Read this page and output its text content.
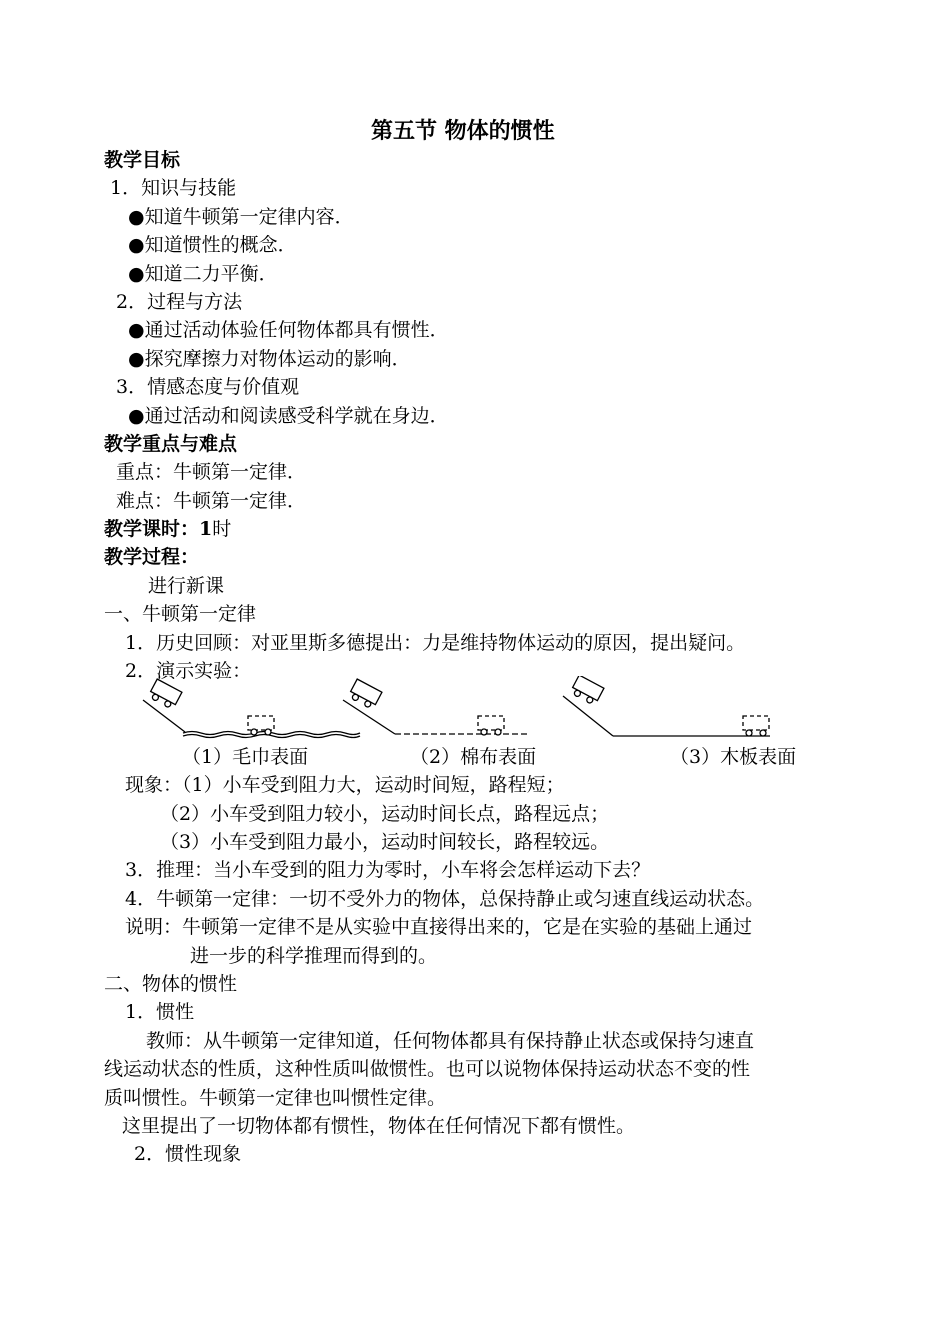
第五节 物体的惯性
教学目标
1．知识与技能
●知道牛顿第一定律内容．
●知道惯性的概念．
●知道二力平衡．
2．过程与方法
●通过活动体验任何物体都具有惯性．
●探究摩擦力对物体运动的影响．
3．情感态度与价值观
●通过活动和阅读感受科学就在身边．
教学重点与难点
重点：牛顿第一定律．
难点：牛顿第一定律．
教学课时：1时
教学过程：
进行新课
一、牛顿第一定律
1．历史回顾：对亚里斯多德提出：力是维持物体运动的原因，提出疑问。
2．演示实验：
（1）毛巾表面	（2）棉布表面	（3）木板表面
现象：（1）小车受到阻力大，运动时间短，路程短；
（2）小车受到阻力较小，运动时间长点，路程远点；
（3）小车受到阻力最小，运动时间较长，路程较远。
3．推理：当小车受到的阻力为零时，小车将会怎样运动下去？
4．牛顿第一定律：一切不受外力的物体，总保持静止或匀速直线运动状态。
说明：牛顿第一定律不是从实验中直接得出来的，它是在实验的基础上通过
进一步的科学推理而得到的。
二、物体的惯性
1．惯性
教师：从牛顿第一定律知道，任何物体都具有保持静止状态或保持匀速直
线运动状态的性质，这种性质叫做惯性。也可以说物体保持运动状态不变的性
质叫惯性。牛顿第一定律也叫惯性定律。
这里提出了一切物体都有惯性，物体在任何情况下都有惯性。
2．惯性现象
